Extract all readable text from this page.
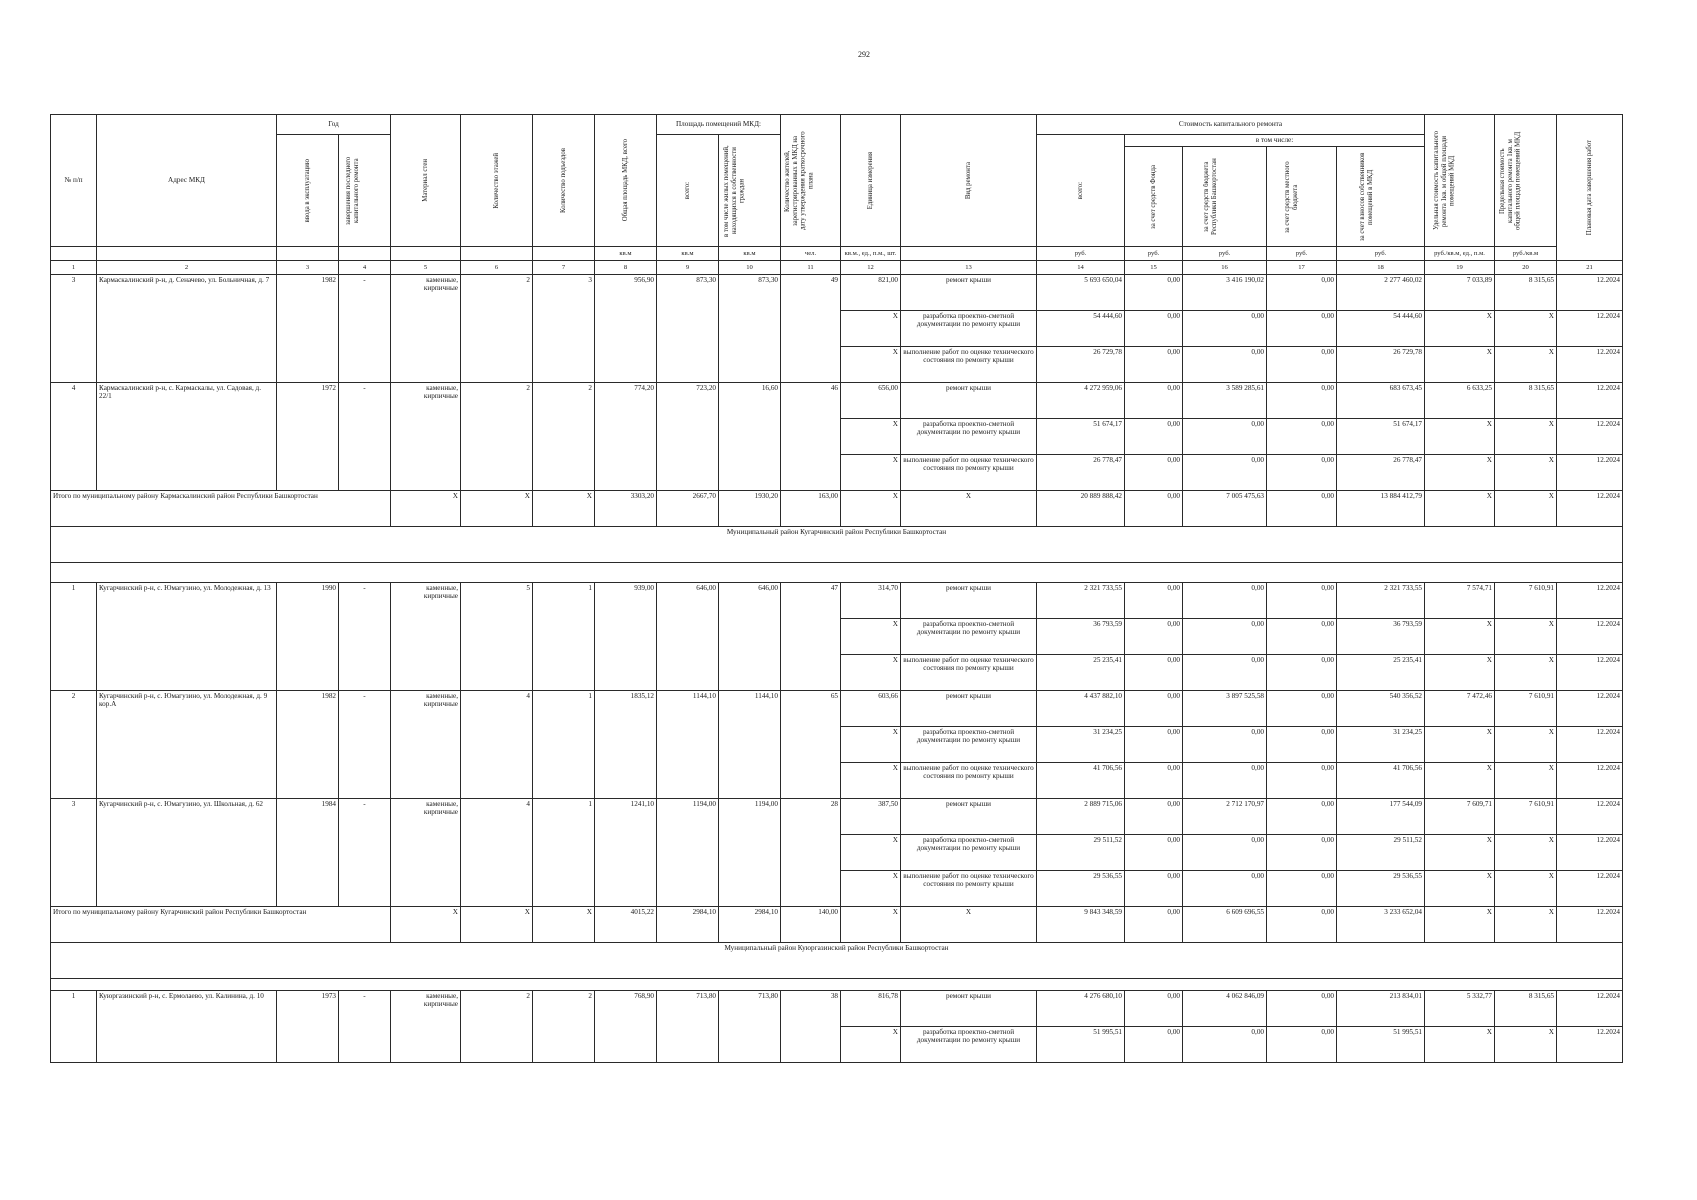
292
№ п/п	Адрес МКД	Год		Материал стен	Количество этажей	Количество подъездов	Общая площадь МКД, всего	Площадь помещений МКД:		Количество жителей, зарегистрированных в МКД на дату утверждения краткосрочного плана	Единица измерения	Вид ремонта	Стоимость капитального ремонта					Удельная стоимость капитального ремонта 1кв. м общей площади помещений МКД	Предельная стоимость капитального ремонта 1кв. м общей площади помещений МКД	Плановая дата завершения работ

		ввода в эксплуатацию	завершения последнего капитального ремонта					всего:	в том числе жилых помещений, находящихся в собственности граждан				всего:	в том числе:						

														за счет средств Фонда	за счет средств бюджета Республики Башкортостан	за счет средств местного бюджета	за счет взносов собственников помещений в МКД			

							кв.м	кв.м	кв.м	чел.	кв.м., ед., п.м., шт.		руб.	руб.	руб.	руб.	руб.	руб./кв.м, ед., п.м.	руб./кв.м	
1	2	3	4	5	6	7	8	9	10	11	12	13	14	15	16	17	18	19	20	21
3	Кармаскалинский р-н, д. Сеначево, ул. Больничная, д. 7	1982	-	каменные, кирпичные	2	3	956,90	873,30	873,30	49	821,00	ремонт крыши	5 693 650,04	0,00	3 416 190,02	0,00	2 277 460,02	7 033,89	8 315,65	12.2024
											X	разработка проектно-сметной документации по ремонту крыши	54 444,60	0,00	0,00	0,00	54 444,60	X	X	12.2024
											X	выполнение работ по оценке технического состояния по ремонту крыши	26 729,78	0,00	0,00	0,00	26 729,78	X	X	12.2024
4	Кармаскалинский р-н, с. Кармаскалы, ул. Садовая, д. 22/1	1972	-	каменные, кирпичные	2	2	774,20	723,20	16,60	46	656,00	ремонт крыши	4 272 959,06	0,00	3 589 285,61	0,00	683 673,45	6 633,25	8 315,65	12.2024
											X	разработка проектно-сметной документации по ремонту крыши	51 674,17	0,00	0,00	0,00	51 674,17	X	X	12.2024
											X	выполнение работ по оценке технического состояния по ремонту крыши	26 778,47	0,00	0,00	0,00	26 778,47	X	X	12.2024
Итого по муниципальному району Кармаскалинский район Республики Башкортостан				X	X	X	3303,20	2667,70	1930,20	163,00	X	X	20 889 888,42	0,00	7 005 475,63	0,00	13 884 412,79	X	X	12.2024
Муниципальный район Кугарчинский район Республики Башкортостан																				

1	Кугарчинский р-н, с. Юмагузино, ул. Молодежная, д. 13	1990	-	каменные, кирпичные	5	1	939,00	646,00	646,00	47	314,70	ремонт крыши	2 321 733,55	0,00	0,00	0,00	2 321 733,55	7 574,71	7 610,91	12.2024
											X	разработка проектно-сметной документации по ремонту крыши	36 793,59	0,00	0,00	0,00	36 793,59	X	X	12.2024
											X	выполнение работ по оценке технического состояния по ремонту крыши	25 235,41	0,00	0,00	0,00	25 235,41	X	X	12.2024
2	Кугарчинский р-н, с. Юмагузино, ул. Молодежная, д. 9 кор.А	1982	-	каменные, кирпичные	4	1	1835,12	1144,10	1144,10	65	603,66	ремонт крыши	4 437 882,10	0,00	3 897 525,58	0,00	540 356,52	7 472,46	7 610,91	12.2024
											X	разработка проектно-сметной документации по ремонту крыши	31 234,25	0,00	0,00	0,00	31 234,25	X	X	12.2024
											X	выполнение работ по оценке технического состояния по ремонту крыши	41 706,56	0,00	0,00	0,00	41 706,56	X	X	12.2024
3	Кугарчинский р-н, с. Юмагузино, ул. Школьная, д. 62	1984	-	каменные, кирпичные	4	1	1241,10	1194,00	1194,00	28	387,50	ремонт крыши	2 889 715,06	0,00	2 712 170,97	0,00	177 544,09	7 609,71	7 610,91	12.2024
											X	разработка проектно-сметной документации по ремонту крыши	29 511,52	0,00	0,00	0,00	29 511,52	X	X	12.2024
											X	выполнение работ по оценке технического состояния по ремонту крыши	29 536,55	0,00	0,00	0,00	29 536,55	X	X	12.2024
Итого по муниципальному району Кугарчинский район Республики Башкортостан				X	X	X	4015,22	2984,10	2984,10	140,00	X	X	9 843 348,59	0,00	6 609 696,55	0,00	3 233 652,04	X	X	12.2024
Муниципальный район Куюргазинский район Республики Башкортостан																				

1	Куюргазинский р-н, с. Ермолаево, ул. Калинина, д. 10	1973	-	каменные, кирпичные	2	2	768,90	713,80	713,80	38	816,78	ремонт крыши	4 276 680,10	0,00	4 062 846,09	0,00	213 834,01	5 332,77	8 315,65	12.2024
											X	разработка проектно-сметной документации по ремонту крыши	51 995,51	0,00	0,00	0,00	51 995,51	X	X	12.2024
